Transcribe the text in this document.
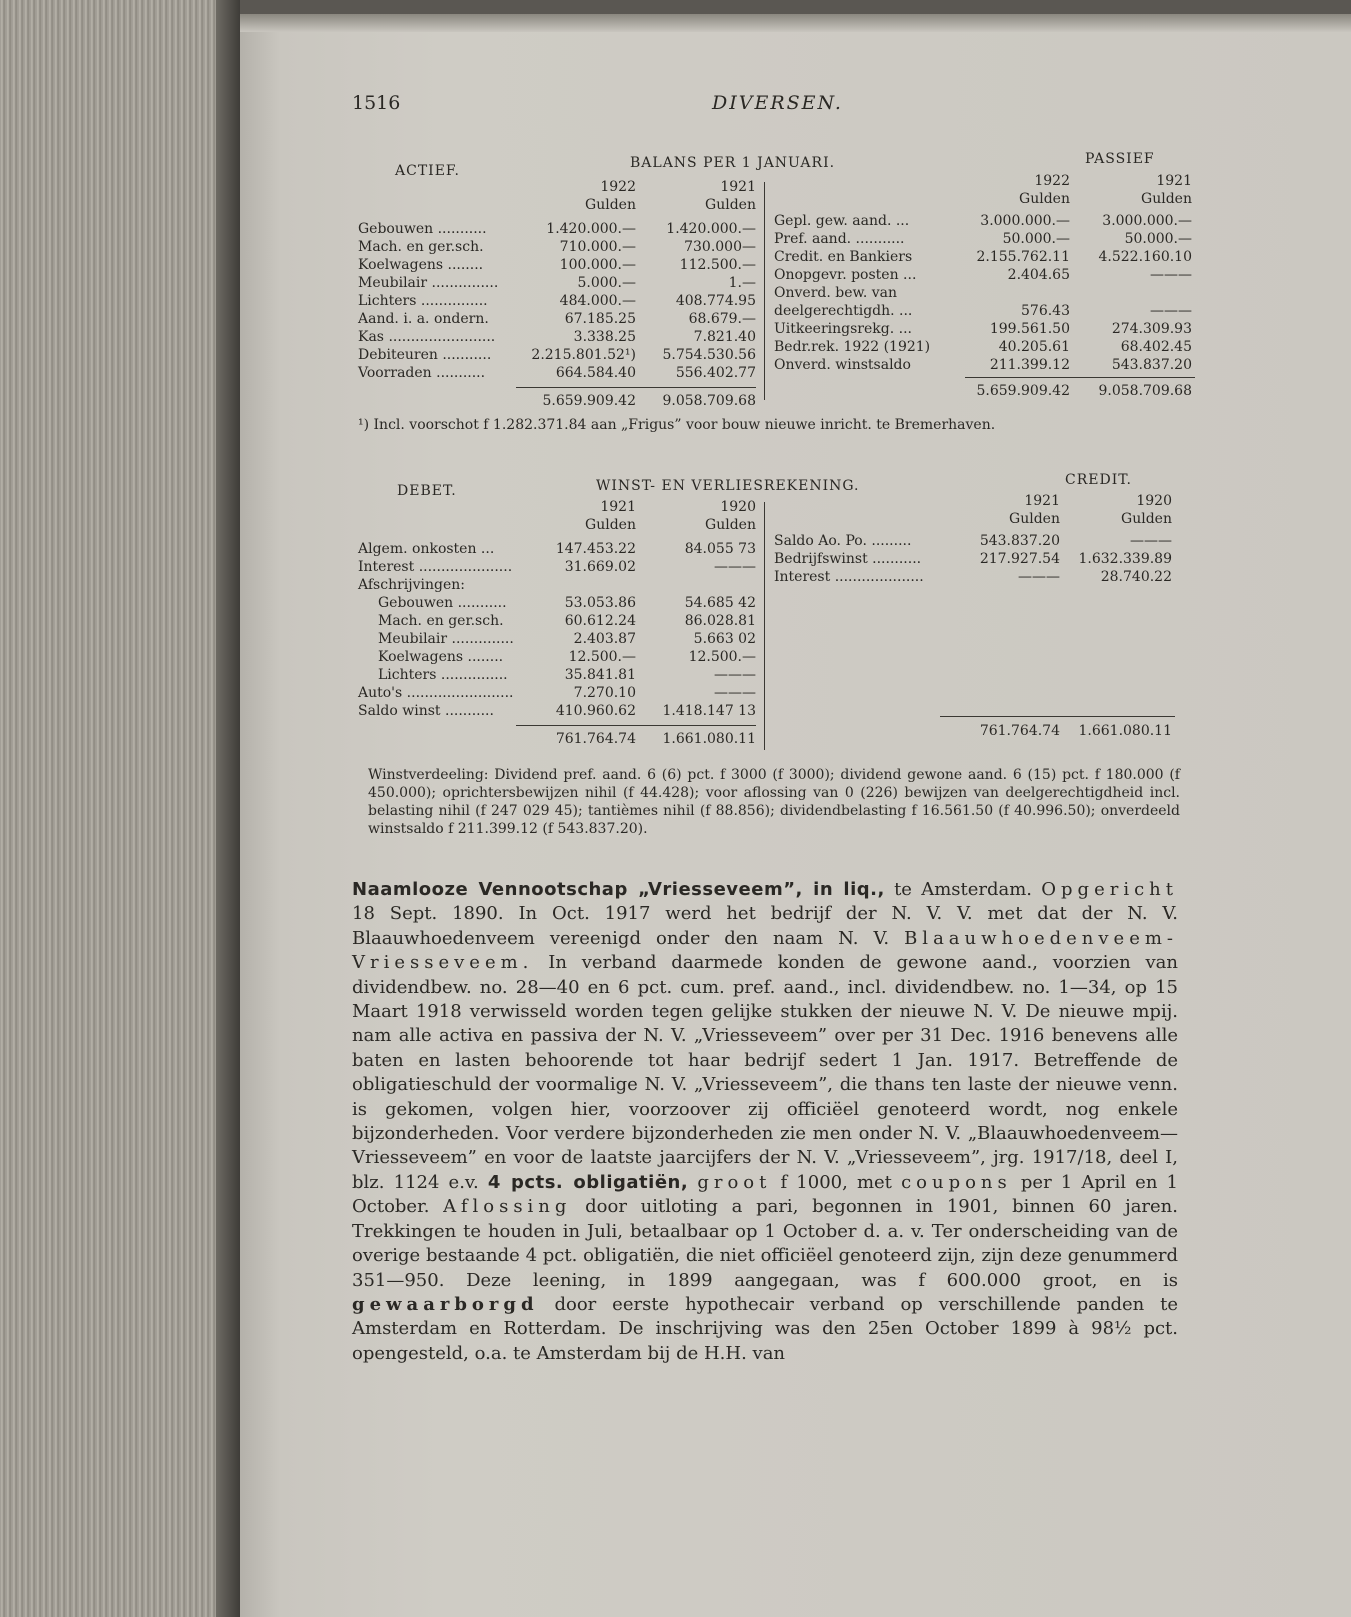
1516	DIVERSEN.
ACTIEF.	BALANS PER 1 JANUARI.	PASSIEF
1922	1921
Gulden	Gulden
Gebouwen ...........	1.420.000.—	1.420.000.—
Mach. en ger.sch.	710.000.—	730.000—
Koelwagens ........	100.000.—	112.500.—
Meubilair ...............	5.000.—	1.—
Lichters ...............	484.000.—	408.774.95
Aand. i. a. ondern.	67.185.25	68.679.—
Kas ........................	3.338.25	7.821.40
Debiteuren ...........	2.215.801.52¹)	5.754.530.56
Voorraden ...........	664.584.40	556.402.77
5.659.909.42	9.058.709.68
1922	1921
Gulden	Gulden
Gepl. gew. aand. ...	3.000.000.—	3.000.000.—
Pref. aand. ...........	50.000.—	50.000.—
Credit. en Bankiers	2.155.762.11	4.522.160.10
Onopgevr. posten ...	2.404.65	———
Onverd. bew. van
deelgerechtigdh. ...	576.43	———
Uitkeeringsrekg. ...	199.561.50	274.309.93
Bedr.rek. 1922 (1921)	40.205.61	68.402.45
Onverd. winstsaldo	211.399.12	543.837.20
5.659.909.42	9.058.709.68
¹) Incl. voorschot f 1.282.371.84 aan „Frigus” voor bouw nieuwe inricht. te Bremerhaven.
DEBET.	WINST- EN VERLIESREKENING.	CREDIT.
1921	1920
Gulden	Gulden
Algem. onkosten ...	147.453.22	84.055 73
Interest .....................	31.669.02	———
Afschrijvingen:
Gebouwen ...........	53.053.86	54.685 42
Mach. en ger.sch.	60.612.24	86.028.81
Meubilair ..............	2.403.87	5.663 02
Koelwagens ........	12.500.—	12.500.—
Lichters ...............	35.841.81	———
Auto's ........................	7.270.10	———
Saldo winst ...........	410.960.62	1.418.147 13
761.764.74	1.661.080.11
1921	1920
Gulden	Gulden
Saldo Ao. Po. .........	543.837.20	———
Bedrijfswinst ...........	217.927.54	1.632.339.89
Interest ....................	———	28.740.22
761.764.74	1.661.080.11
Winstverdeeling: Dividend pref. aand. 6 (6) pct. f 3000 (f 3000); dividend gewone aand. 6 (15) pct. f 180.000 (f 450.000); oprichtersbewijzen nihil (f 44.428); voor aflossing van 0 (226) bewijzen van deelgerechtigdheid incl. belasting nihil (f 247 029 45); tantièmes nihil (f 88.856); dividendbelasting f 16.561.50 (f 40.996.50); onverdeeld winstsaldo f 211.399.12 (f 543.837.20).
Naamlooze Vennootschap „Vriesseveem”, in liq., te Amsterdam. Opgericht 18 Sept. 1890. In Oct. 1917 werd het bedrijf der N. V. V. met dat der N. V. Blaauwhoedenveem vereenigd onder den naam N. V. Blaauwhoedenveem-Vriesseveem. In verband daarmede konden de gewone aand., voorzien van dividendbew. no. 28—40 en 6 pct. cum. pref. aand., incl. dividendbew. no. 1—34, op 15 Maart 1918 verwisseld worden tegen gelijke stukken der nieuwe N. V. De nieuwe mpij. nam alle activa en passiva der N. V. „Vriesseveem” over per 31 Dec. 1916 benevens alle baten en lasten behoorende tot haar bedrijf sedert 1 Jan. 1917. Betreffende de obligatieschuld der voormalige N. V. „Vriesseveem”, die thans ten laste der nieuwe venn. is gekomen, volgen hier, voorzoover zij officiëel genoteerd wordt, nog enkele bijzonderheden. Voor verdere bijzonderheden zie men onder N. V. „Blaauwhoedenveem—Vriesseveem” en voor de laatste jaarcijfers der N. V. „Vriesseveem”, jrg. 1917/18, deel I, blz. 1124 e.v. 4 pcts. obligatiën, groot f 1000, met coupons per 1 April en 1 October. Aflossing door uitloting a pari, begonnen in 1901, binnen 60 jaren. Trekkingen te houden in Juli, betaalbaar op 1 October d. a. v. Ter onderscheiding van de overige bestaande 4 pct. obligatiën, die niet officiëel genoteerd zijn, zijn deze genummerd 351—950. Deze leening, in 1899 aangegaan, was f 600.000 groot, en is gewaarborgd door eerste hypothecair verband op verschillende panden te Amsterdam en Rotterdam. De inschrijving was den 25en October 1899 à 98½ pct. opengesteld, o.a. te Amsterdam bij de H.H. van
